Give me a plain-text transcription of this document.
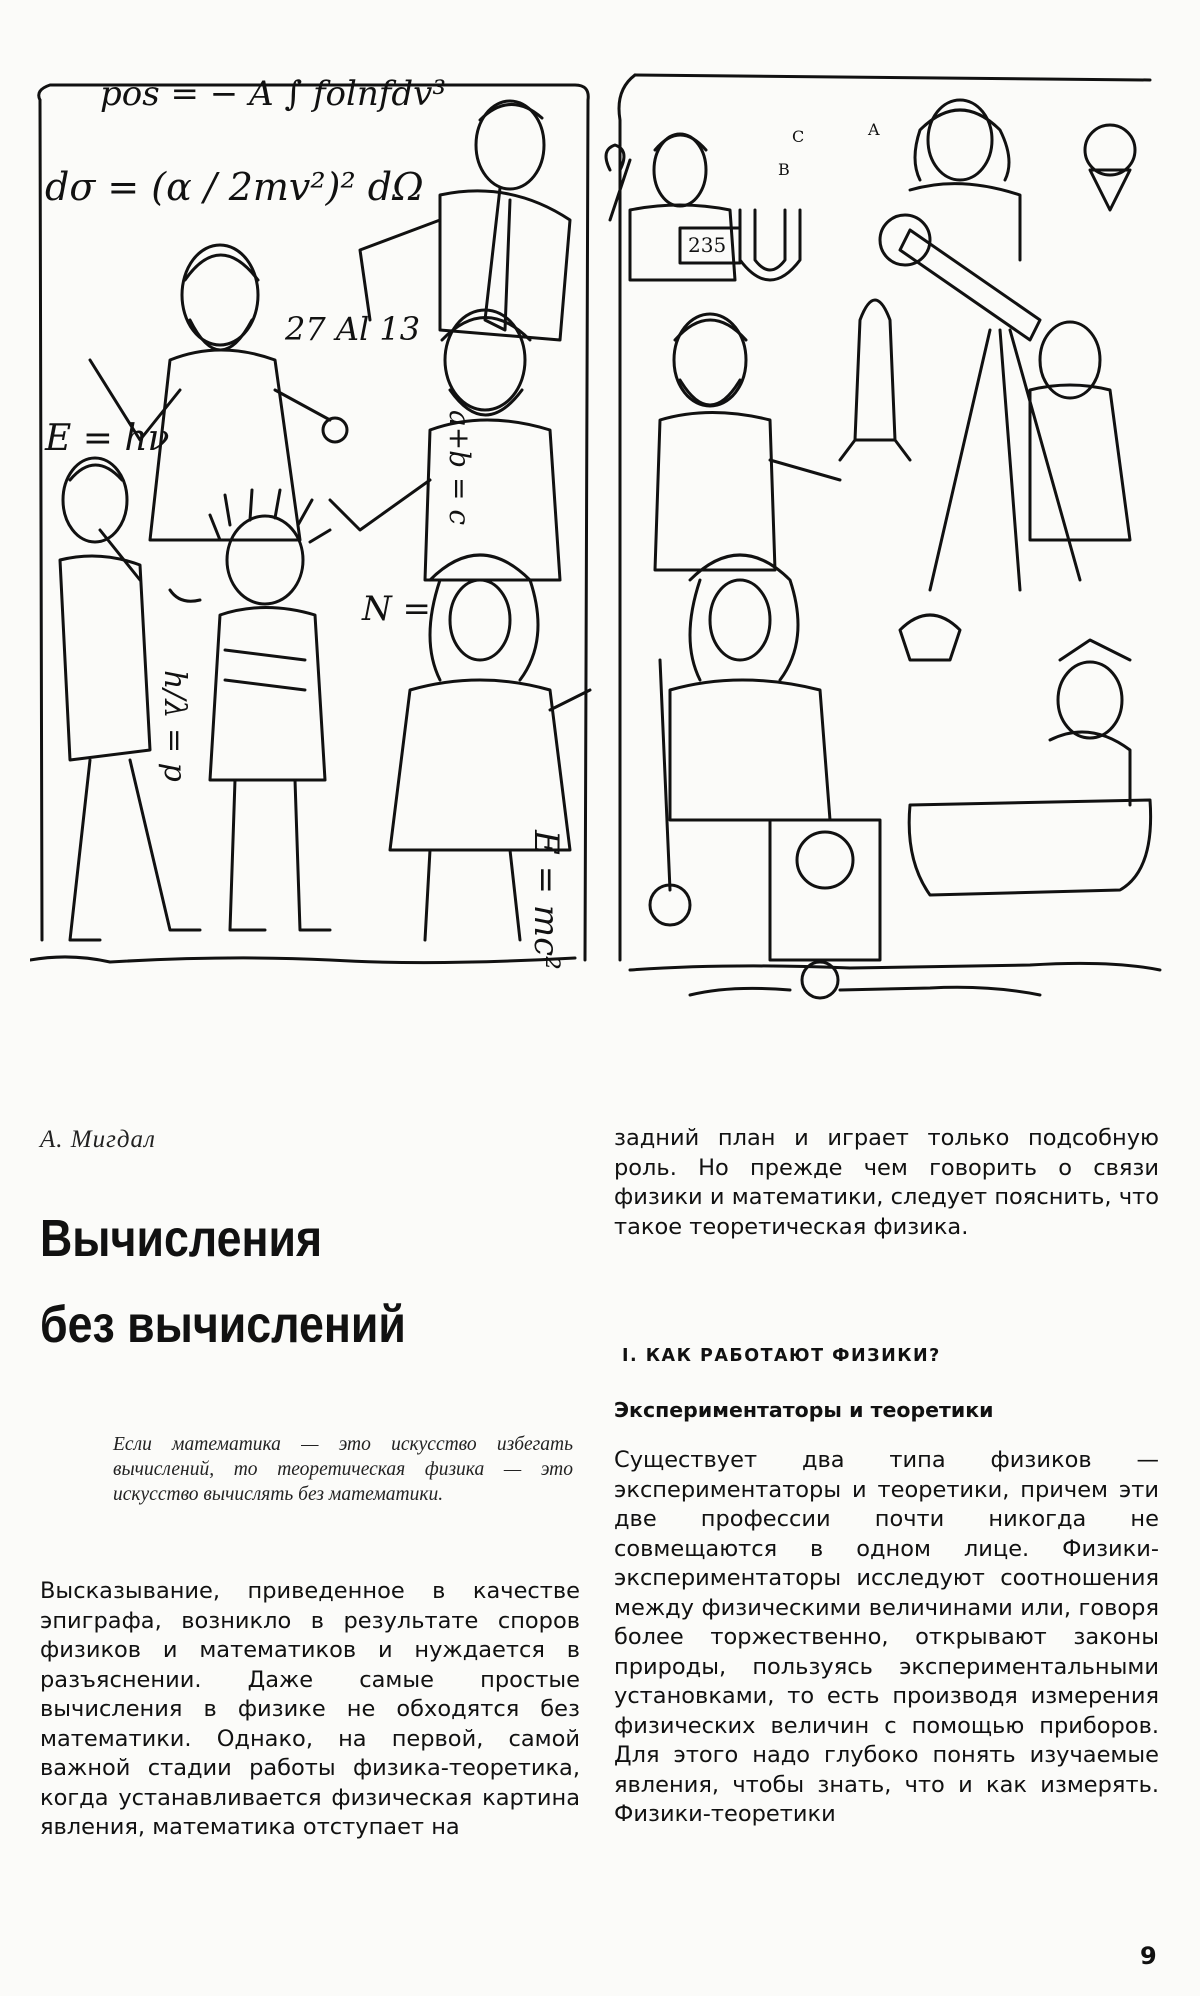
pos = − A ∫ folnfdv³
dσ = (α / 2mv²)² dΩ
E = hν
27 Al 13
N =
a+b = c
E = mc²
h/λ = p
235
C
B
A
А. Мигдал
Вычисления
без вычислений
Если математика — это искусство избегать вычислений, то теоретическая физика — это искусство вычислять без математики.
Высказывание, приведенное в качестве эпиграфа, возникло в результате споров физиков и математиков и нуждается в разъяснении. Даже самые простые вычисления в физике не обходятся без математики. Однако, на первой, самой важной стадии работы физика-теоретика, когда устанавливается физическая картина явления, математика отступает на
задний план и играет только подсобную роль. Но прежде чем говорить о связи физики и математики, следует пояснить, что такое теоретическая физика.
I. КАК РАБОТАЮТ ФИЗИКИ?
Экспериментаторы и теоретики
Существует два типа физиков — экспериментаторы и теоретики, причем эти две профессии почти никогда не совмещаются в одном лице. Физики-экспериментаторы исследуют соотношения между физическими величинами или, говоря более торжественно, открывают законы природы, пользуясь экспериментальными установками, то есть производя измерения физических величин с помощью приборов. Для этого надо глубоко понять изучаемые явления, чтобы знать, что и как измерять. Физики-теоретики
9
